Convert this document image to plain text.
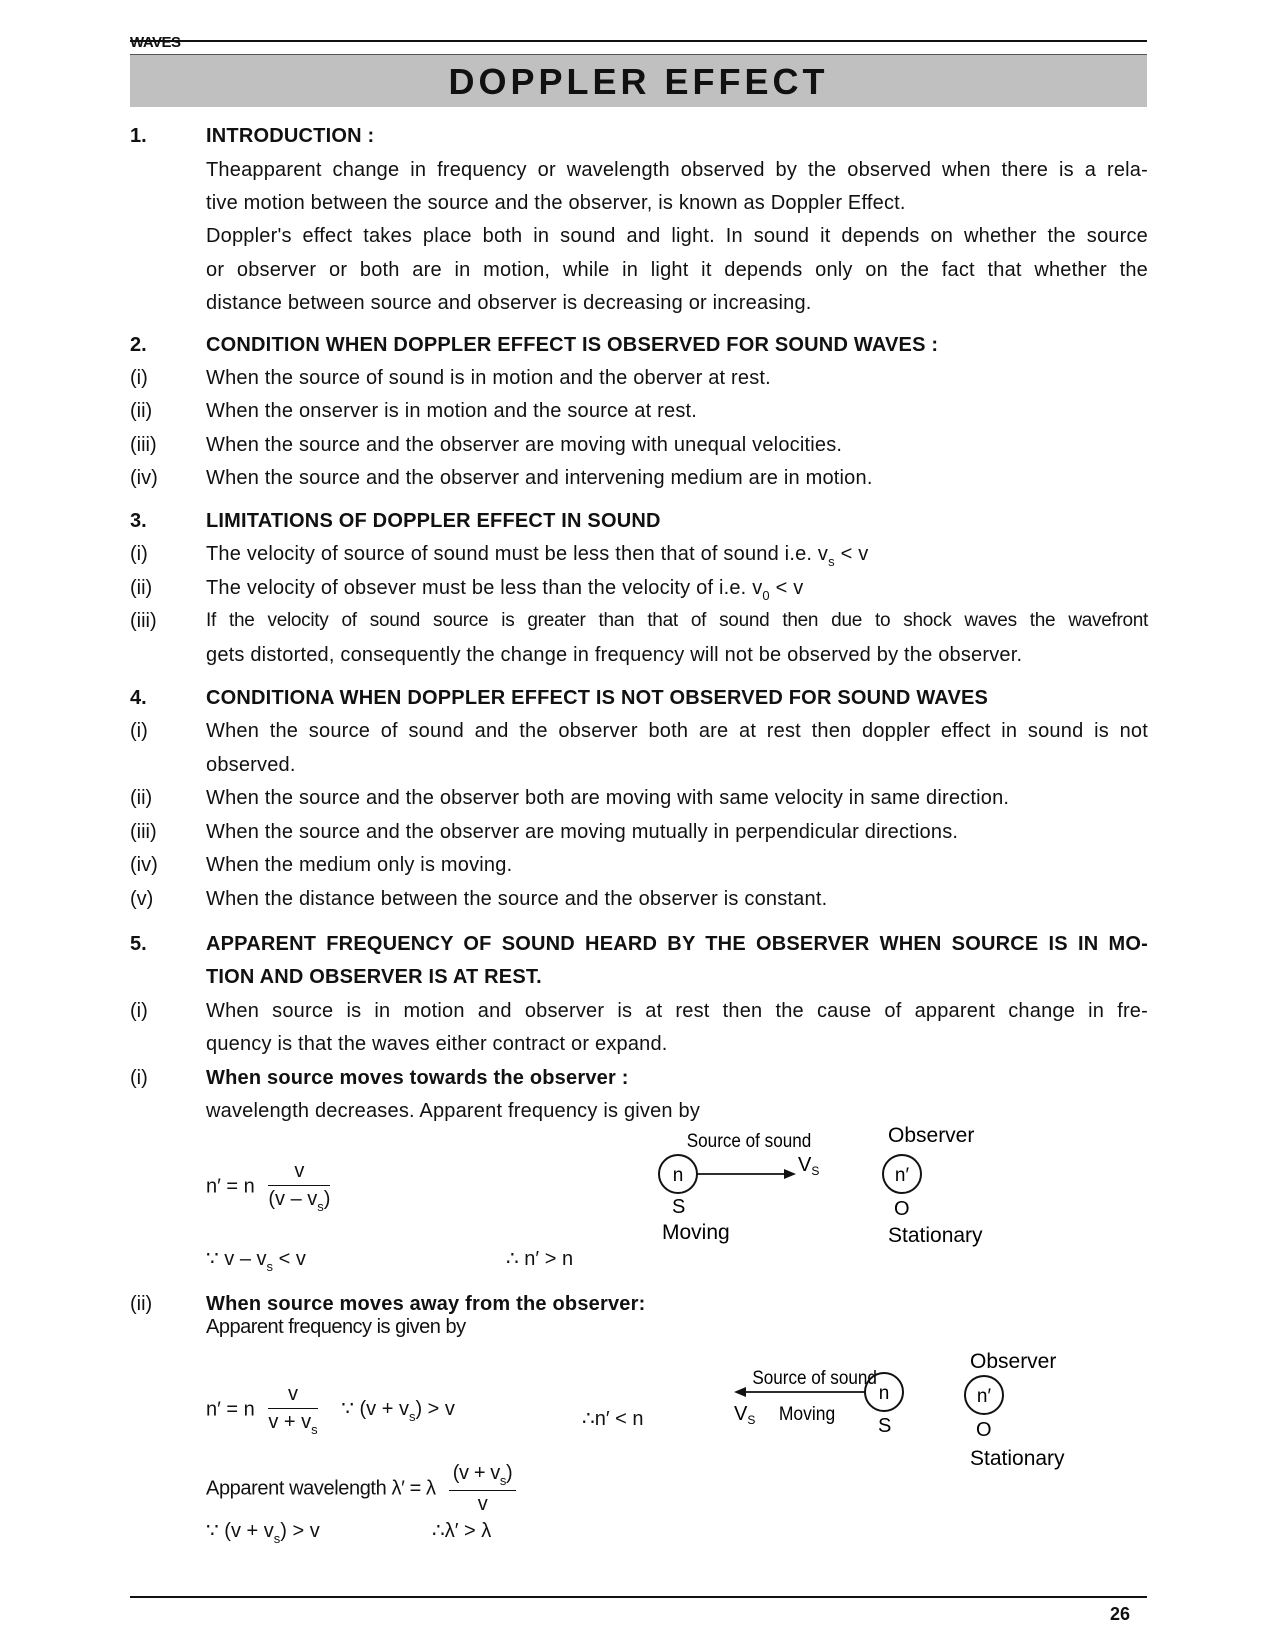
WAVES
DOPPLER EFFECT
1.	INTRODUCTION :
Theapparent change in frequency or wavelength observed by the observed when there is a rela-
tive motion between the source and the observer, is known as Doppler Effect.
Doppler's effect takes place both in sound and light. In sound it depends on whether the source
or observer or both are in motion, while in light it depends only on the fact that whether the
distance between source and observer is decreasing or increasing.
2.	CONDITION WHEN DOPPLER EFFECT IS OBSERVED FOR SOUND WAVES :
(i)	When the source of sound is in motion and the oberver at rest.
(ii)	When the onserver is in motion and the source at rest.
(iii) When the source and the observer are moving with unequal velocities.
(iv) When the source and the observer and intervening medium are in motion.
3.	LIMITATIONS OF DOPPLER EFFECT IN SOUND
(i)	The velocity of source of sound must be less then that of sound i.e. $v_s < v$
(ii)	The velocity of obsever must be less than the velocity of i.e. $v_0 < v$
(iii)	If the velocity of sound source is greater than that of sound then due to shock waves the wavefront
gets distorted, consequently the change in frequency will not be observed by the observer.
4.	CONDITIONA WHEN DOPPLER EFFECT IS NOT OBSERVED FOR SOUND WAVES
(i)	When the source of sound and the observer both are at rest then doppler effect in sound is not
observed.
(ii)	When the source and the observer both are moving with same velocity in same direction.
(iii) When the source and the observer are moving mutually in perpendicular directions.
(iv) When the medium only is moving.
(v)	When the distance between the source and the observer is constant.
5.	APPARENT FREQUENCY OF SOUND HEARD BY THE OBSERVER WHEN SOURCE IS IN MO-
TION AND OBSERVER IS AT REST.
(i)	When source is in motion and observer is at rest then the cause of apparent change in fre-
quency is that the waves either contract or expand.
(i)	When source moves towards the observer :
wavelength decreases. Apparent frequency is given by
n′ = n $\frac{v}{(v - v_s)}$
∵ $v - v_s < v$	∴ n′ > n
Source of sound
n	$V_S$
S
Moving
Observer
n′
O
Stationary
(ii)	When source moves away from the observer:
Apparent frequency is given by
n′ = n $\frac{v}{v + v_s}$ ∵ $(v + v_s) > v$	∴n′ < n
Apparent wavelength λ′ = λ $\frac{(v + v_s)}{v}$
∵ $(v + v_s) > v$	∴λ′ > λ
Source of sound
n
$V_S$ Moving
S
Observer
n′
O
Stationary
26
